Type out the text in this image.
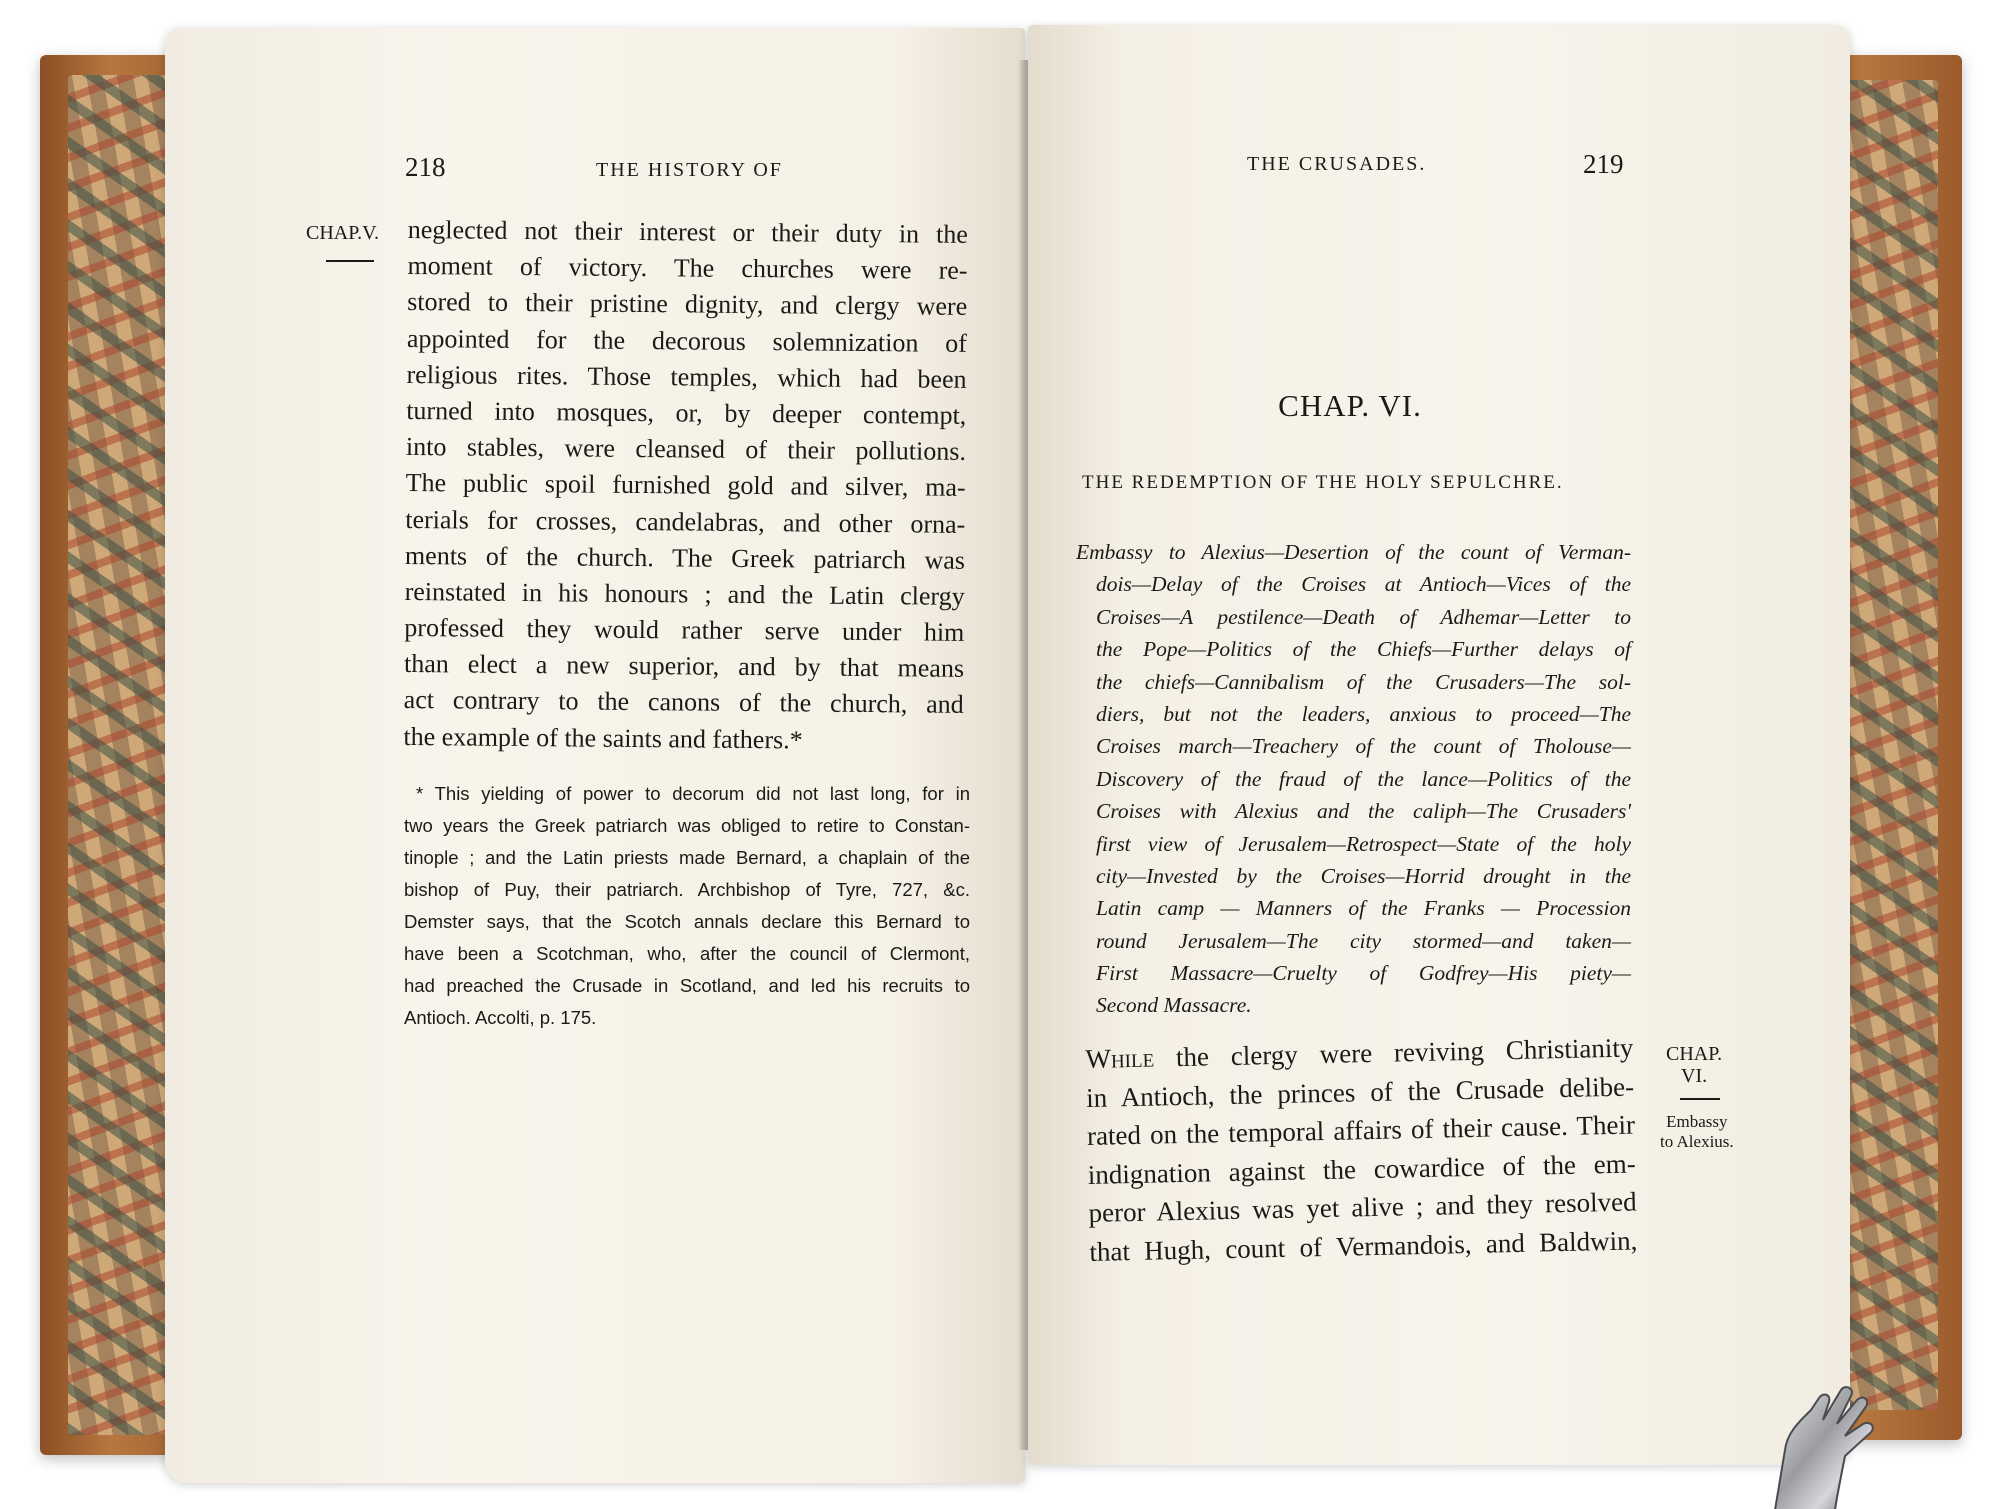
218	THE HISTORY OF
CHAP.V. neglected not their interest or their duty in the
moment of victory. The churches were re-
stored to their pristine dignity, and clergy were
appointed for the decorous solemnization of
religious rites. Those temples, which had been
turned into mosques, or, by deeper contempt,
into stables, were cleansed of their pollutions.
The public spoil furnished gold and silver, ma-
terials for crosses, candelabras, and other orna-
ments of the church. The Greek patriarch was
reinstated in his honours ; and the Latin clergy
professed they would rather serve under him
than elect a new superior, and by that means
act contrary to the canons of the church, and
the example of the saints and fathers.*
* This yielding of power to decorum did not last long, for in
two years the Greek patriarch was obliged to retire to Constan-
tinople ; and the Latin priests made Bernard, a chaplain of the
bishop of Puy, their patriarch. Archbishop of Tyre, 727, &c.
Demster says, that the Scotch annals declare this Bernard to
have been a Scotchman, who, after the council of Clermont,
had preached the Crusade in Scotland, and led his recruits to
Antioch. Accolti, p. 175.
THE CRUSADES.	219
CHAP. VI.
THE REDEMPTION OF THE HOLY SEPULCHRE.
Embassy to Alexius—Desertion of the count of Verman-
dois—Delay of the Croises at Antioch—Vices of the
Croises—A pestilence—Death of Adhemar—Letter to
the Pope—Politics of the Chiefs—Further delays of
the chiefs—Cannibalism of the Crusaders—The sol-
diers, but not the leaders, anxious to proceed—The
Croises march—Treachery of the count of Tholouse—
Discovery of the fraud of the lance—Politics of the
Croises with Alexius and the caliph—The Crusaders'
first view of Jerusalem—Retrospect—State of the holy
city—Invested by the Croises—Horrid drought in the
Latin camp — Manners of the Franks — Procession
round Jerusalem—The city stormed—and taken—
First Massacre—Cruelty of Godfrey—His piety—
Second Massacre.
While the clergy were reviving Christianity
in Antioch, the princes of the Crusade delibe-
rated on the temporal affairs of their cause. Their
indignation against the cowardice of the em-
peror Alexius was yet alive ; and they resolved
that Hugh, count of Vermandois, and Baldwin,
CHAP.
VI.
Embassy
to Alexius.
